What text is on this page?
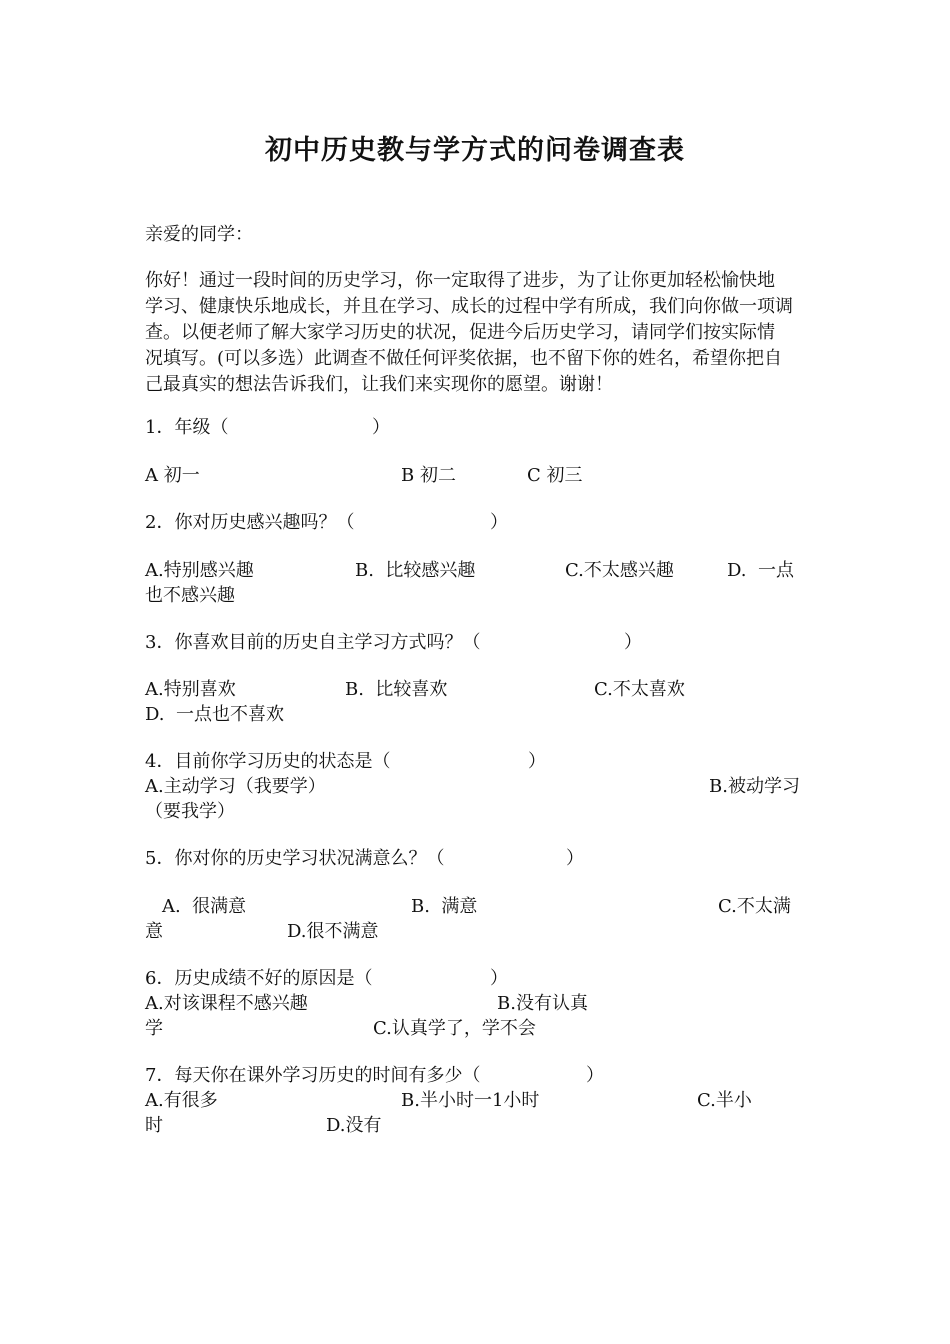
初中历史教与学方式的问卷调查表
亲爱的同学：
你好！通过一段时间的历史学习，你一定取得了进步，为了让你更加轻松愉快地
学习、健康快乐地成长，并且在学习、成长的过程中学有所成，我们向你做一项调
查。以便老师了解大家学习历史的状况，促进今后历史学习，请同学们按实际情
况填写。(可以多选）此调查不做任何评奖依据，也不留下你的姓名，希望你把自
己最真实的想法告诉我们，让我们来实现你的愿望。谢谢！
1．年级（	）
A 初一	B 初二	C 初三
2．你对历史感兴趣吗？（	）
A.特别感兴趣	B.  比较感兴趣	C.不太感兴趣	D.  一点
也不感兴趣
3．你喜欢目前的历史自主学习方式吗？（	）
A.特别喜欢	B.  比较喜欢	C.不太喜欢
D.  一点也不喜欢
4．目前你学习历史的状态是（	）
A.主动学习（我要学）	B.被动学习
（要我学）
5．你对你的历史学习状况满意么？（	）
A.  很满意	B.  满意	C.不太满
意	D.很不满意
6．历史成绩不好的原因是（	）
A.对该课程不感兴趣	B.没有认真
学	C.认真学了，学不会
7．每天你在课外学习历史的时间有多少（	）
A.有很多	B.半小时一1小时	C.半小
时	D.没有
